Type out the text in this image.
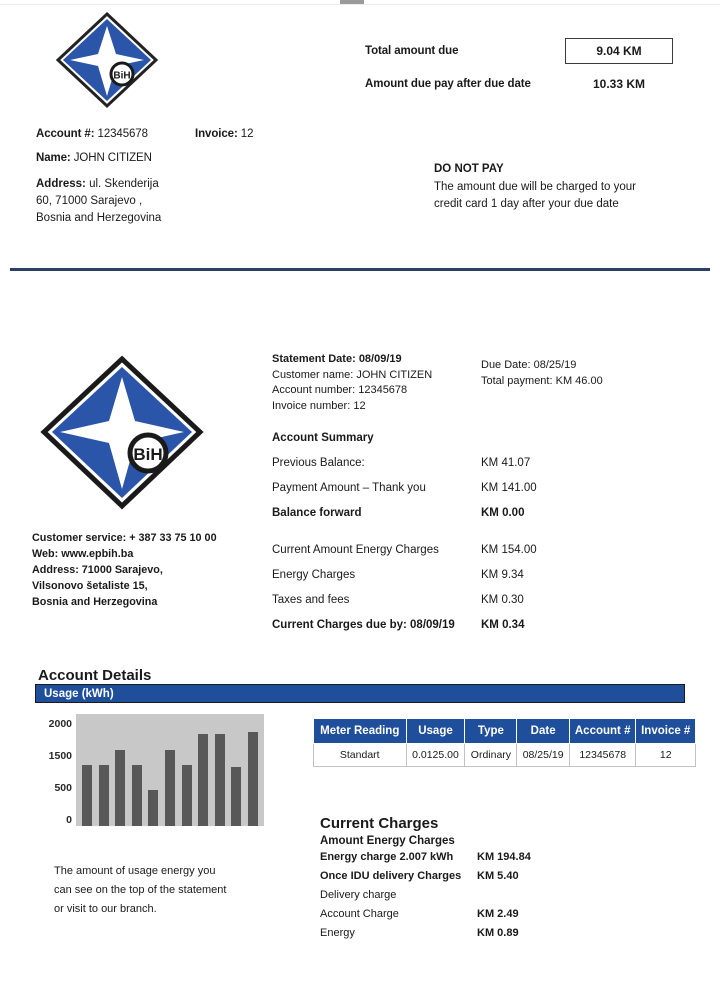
BiH
Total amount due	9.04 KM
Amount due pay after due date	10.33 KM
Account #: 12345678	Invoice: 12
Name: JOHN CITIZEN
Address: ul. Skenderija
60, 71000 Sarajevo ,
Bosnia and Herzegovina
DO NOT PAY
The amount due will be charged to your
credit card 1 day after your due date
BiH
Statement Date: 08/09/19
Customer name: JOHN CITIZEN
Account number: 12345678
Invoice number: 12
Due Date: 08/25/19
Total payment: KM 46.00
Account Summary
Previous Balance:	KM 41.07
Payment Amount – Thank you	KM 141.00
Balance forward	KM 0.00
Current Amount Energy Charges	KM 154.00
Energy Charges	KM 9.34
Taxes and fees	KM 0.30
Current Charges due by: 08/09/19	KM 0.34
Customer service: + 387 33 75 10 00
Web: www.epbih.ba
Address: 71000 Sarajevo,
Vilsonovo šetaliste 15,
Bosnia and Herzegovina
Account Details
Usage (kWh)
2000
1500
500
0
The amount of usage energy you
can see on the top of the statement
or visit to our branch.
Meter Reading	Usage	Type	Date	Account #	Invoice #
Standart	0.0125.00	Ordinary	08/25/19	12345678	12
Current Charges
Amount Energy Charges
Energy charge 2.007 kWh	KM 194.84
Once IDU delivery Charges	KM 5.40
Delivery charge
Account Charge	KM 2.49
Energy	KM 0.89
